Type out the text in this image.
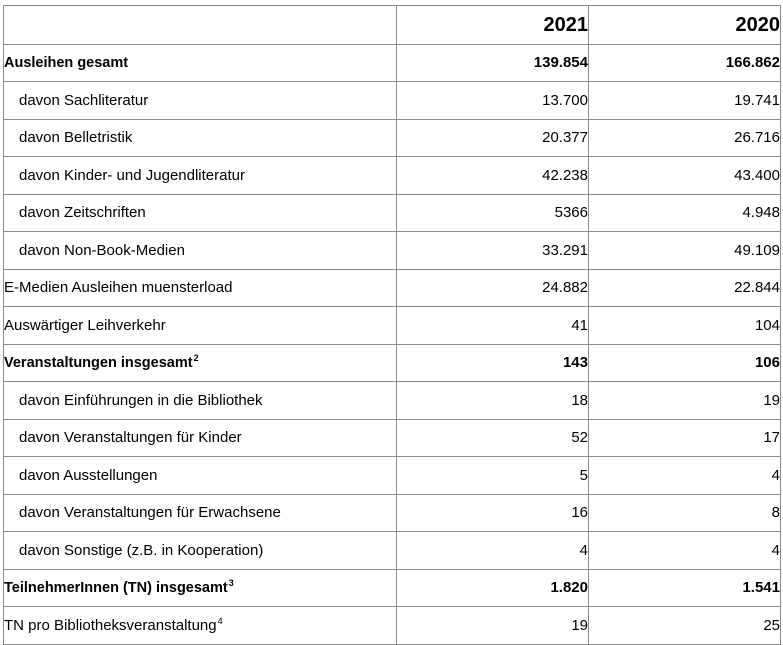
	2021	2020
Ausleihen gesamt	139.854	166.862
davon Sachliteratur	13.700	19.741
davon Belletristik	20.377	26.716
davon Kinder- und Jugendliteratur	42.238	43.400
davon Zeitschriften	5366	4.948
davon Non-Book-Medien	33.291	49.109
E-Medien Ausleihen muensterload	24.882	22.844
Auswärtiger Leihverkehr	41	104
Veranstaltungen insgesamt$^2$	143	106
davon Einführungen in die Bibliothek	18	19
davon Veranstaltungen für Kinder	52	17
davon Ausstellungen	5	4
davon Veranstaltungen für Erwachsene	16	8
davon Sonstige (z.B. in Kooperation)	4	4
TeilnehmerInnen (TN) insgesamt$^3$	1.820	1.541
TN pro Bibliotheksveranstaltung$^4$	19	25
